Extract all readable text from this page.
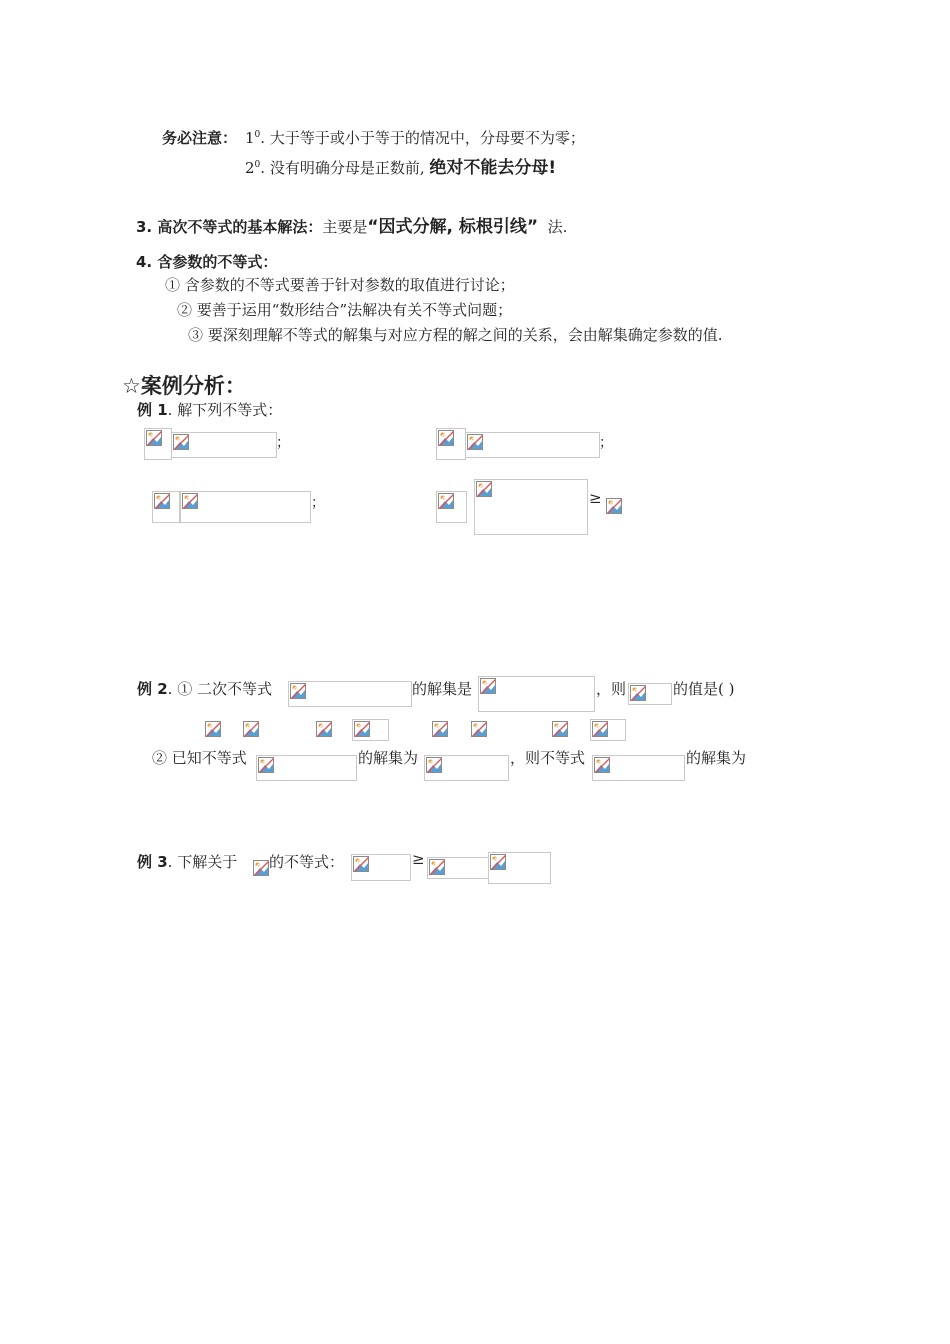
务必注意： $1^0$. 大于等于或小于等于的情况中，分母要不为零；
$2^0$. 没有明确分母是正数前, 绝对不能去分母!
3. 高次不等式的基本解法：主要是“因式分解, 标根引线” 法.
4. 含参数的不等式：
① 含参数的不等式要善于针对参数的取值进行讨论；
② 要善于运用“数形结合”法解决有关不等式问题；
③ 要深刻理解不等式的解集与对应方程的解之间的关系，会由解集确定参数的值.
☆案例分析：
例 1. 解下列不等式：
；	；
；	≥
例 2. ① 二次不等式	的解集是	，则	的值是( )
② 已知不等式	的解集为	，则不等式	的解集为
例 3. 下解关于 的不等式：	≥
